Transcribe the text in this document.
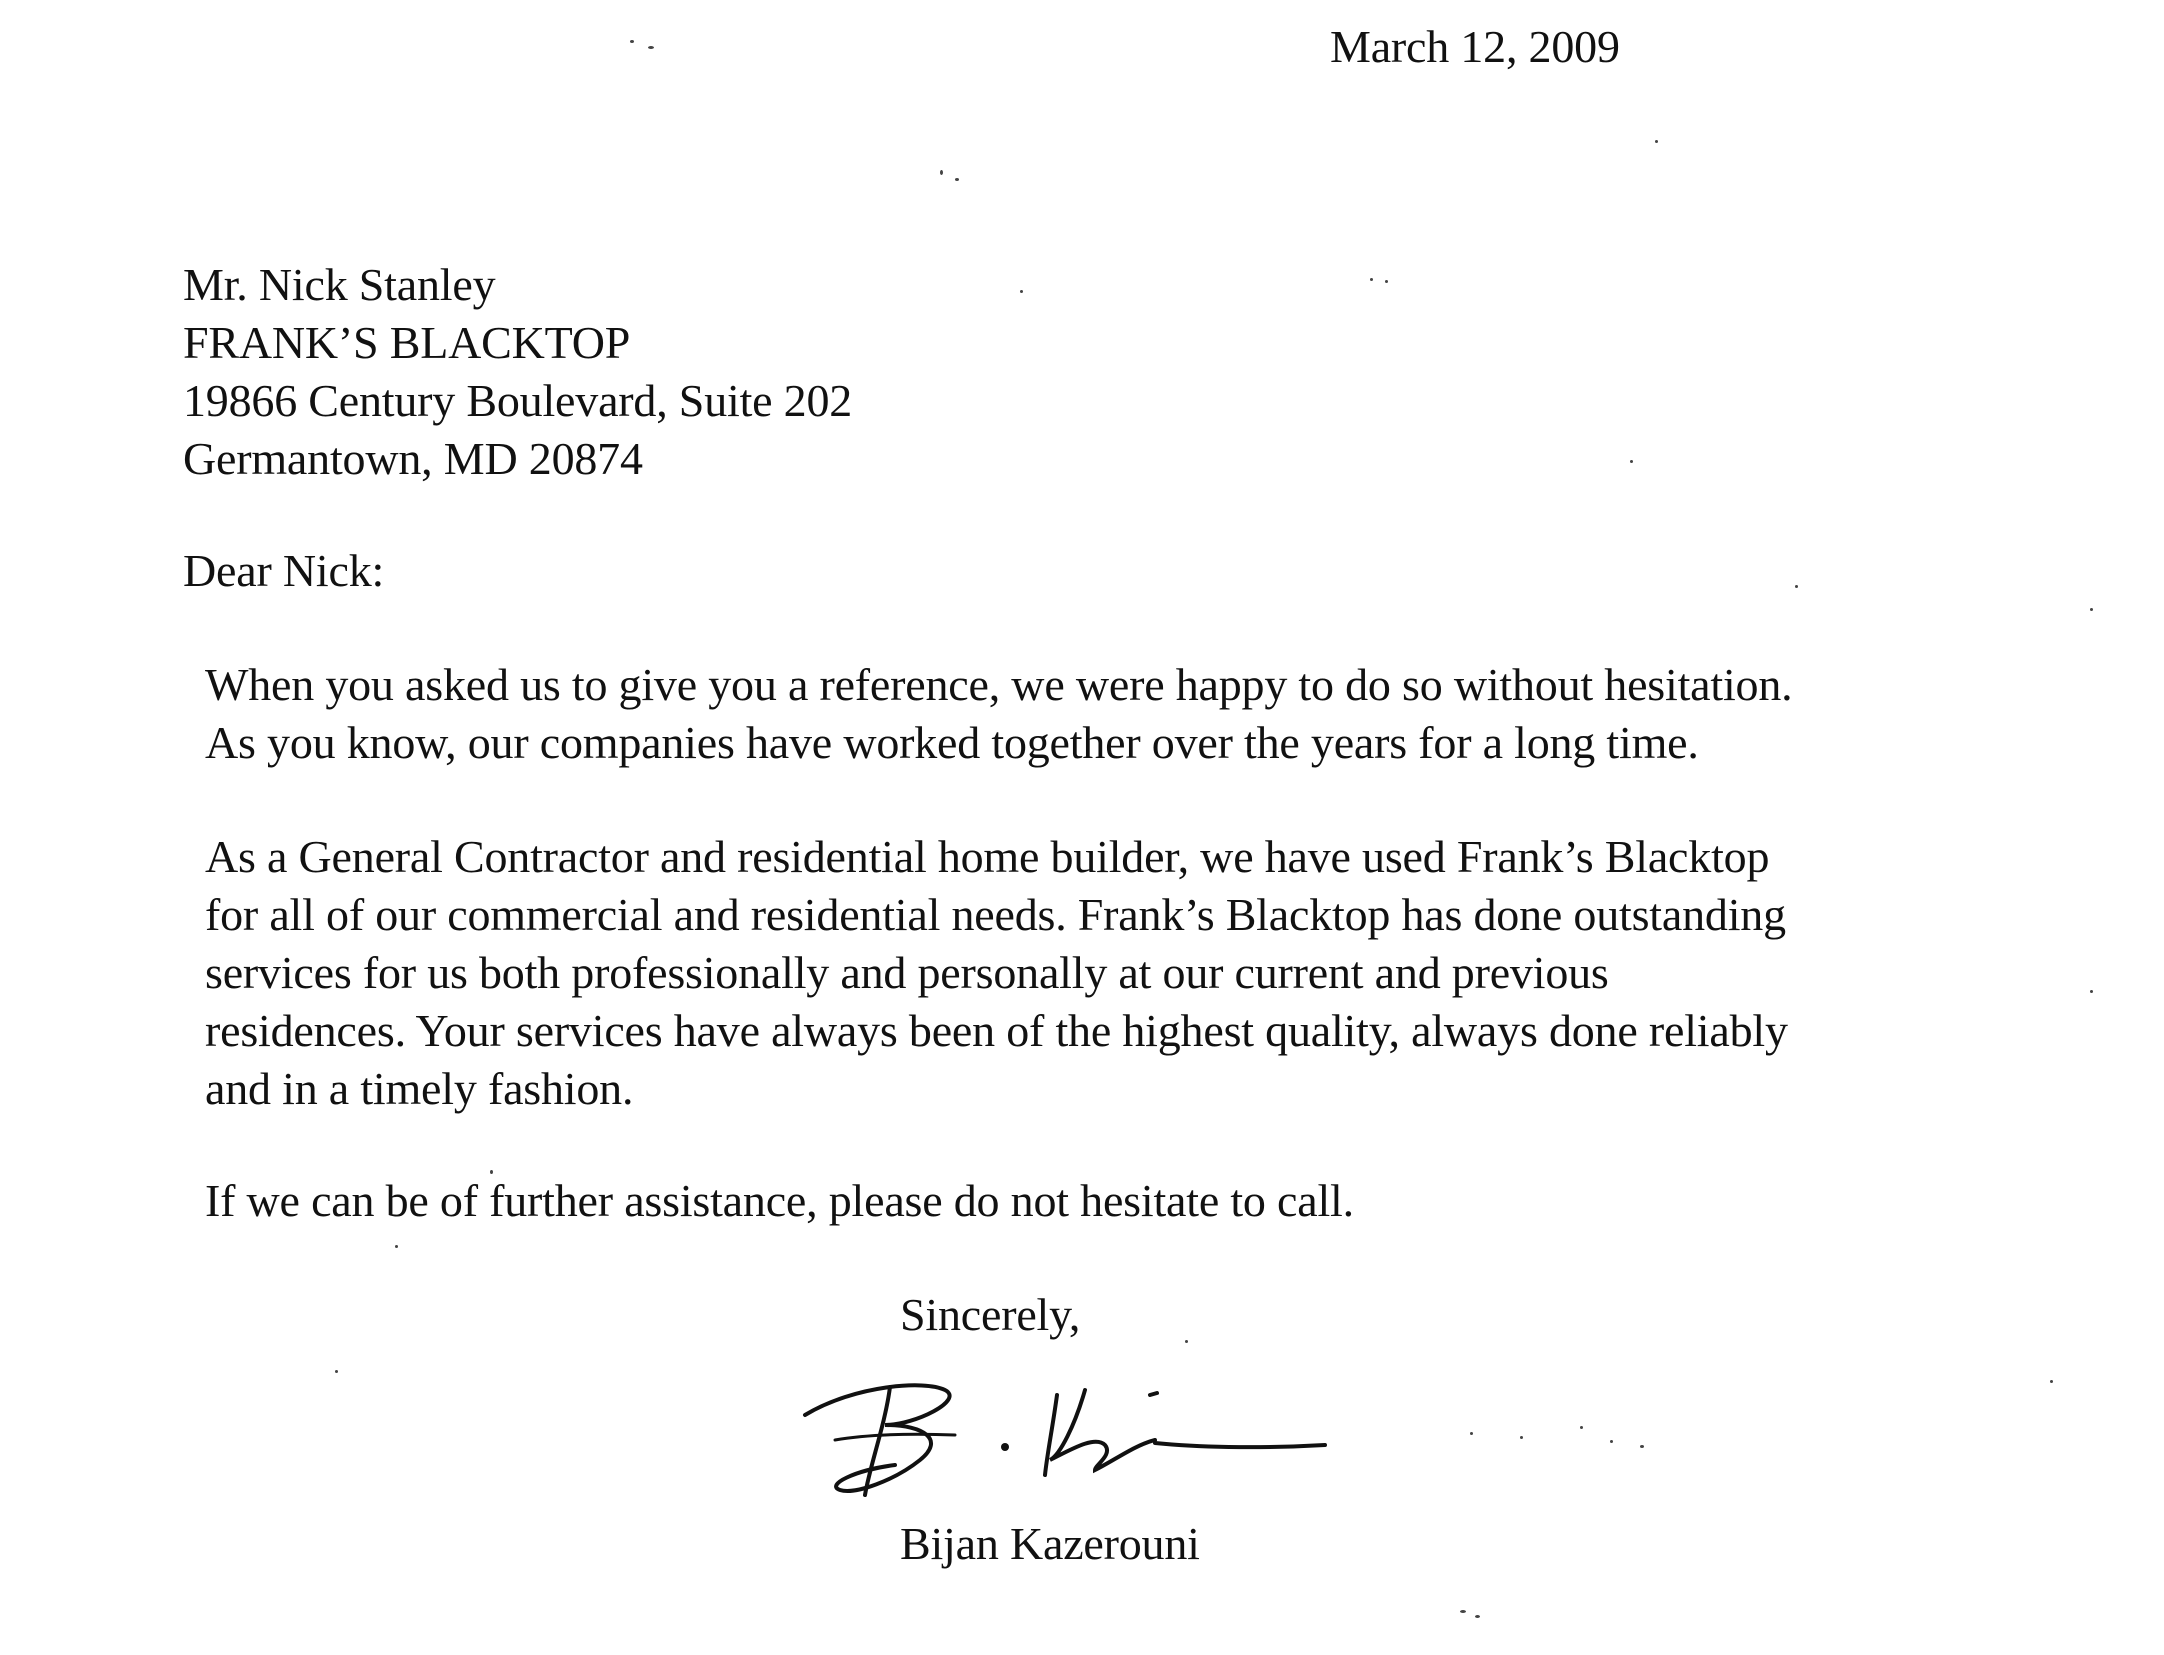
March 12, 2009
Mr. Nick Stanley
FRANK’S BLACKTOP
19866 Century Boulevard, Suite 202
Germantown, MD 20874
Dear Nick:
When you asked us to give you a reference, we were happy to do so without hesitation.
As you know, our companies have worked together over the years for a long time.
As a General Contractor and residential home builder, we have used Frank’s Blacktop
for all of our commercial and residential needs. Frank’s Blacktop has done outstanding
services for us both professionally and personally at our current and previous
residences. Your services have always been of the highest quality, always done reliably
and in a timely fashion.
If we can be of further assistance, please do not hesitate to call.
Sincerely,
Bijan Kazerouni
